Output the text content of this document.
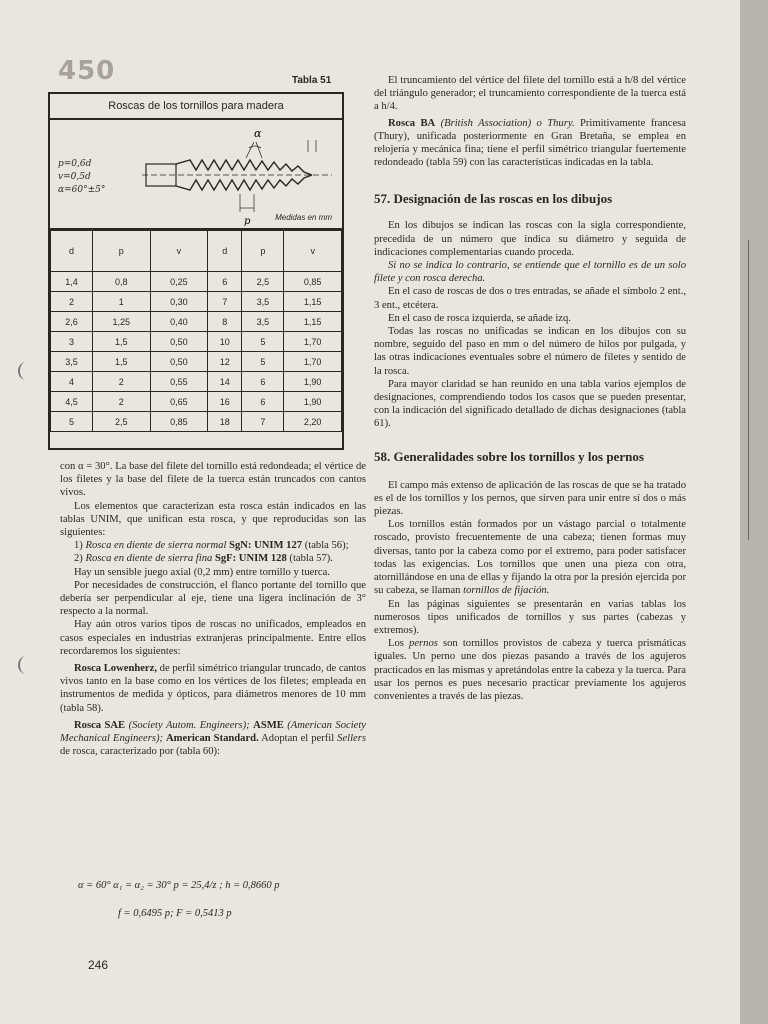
450	Tabla 51
Roscas de los tornillos para madera
p=0,6d
v=0,5d
α=60°±5°
α
p	Medidas en mm
d	p	v	d	p	v
1,4	0,8	0,25	6	2,5	0,85
2	1	0,30	7	3,5	1,15
2,6	1,25	0,40	8	3,5	1,15
3	1,5	0,50	10	5	1,70
3,5	1,5	0,50	12	5	1,70
4	2	0,55	14	6	1,90
4,5	2	0,65	16	6	1,90
5	2,5	0,85	18	7	2,20

con α = 30°. La base del filete del tornillo está redondeada; el vértice de los filetes y la base del filete de la tuerca están truncados con cantos vivos.

Los elementos que caracterizan esta rosca están indicados en las tablas UNIM, que unifican esta rosca, y que reproducidas son las siguientes:

1) Rosca en diente de sierra normal SgN: UNIM 127 (tabla 56);

2) Rosca en diente de sierra fina SgF: UNIM 128 (tabla 57).

Hay un sensible juego axial (0,2 mm) entre tornillo y tuerca.

Por necesidades de construcción, el flanco portante del tornillo que debería ser perpendicular al eje, tiene una ligera inclinación de 3° respecto a la normal.

Hay aún otros varios tipos de roscas no unificados, empleados en casos especiales en industrias extranjeras principalmente. Entre ellos recordaremos los siguientes:

Rosca Lowenherz, de perfil simétrico triangular truncado, de cantos vivos tanto en la base como en los vértices de los filetes; empleada en instrumentos de medida y ópticos, para diámetros menores de 10 mm (tabla 58).

Rosca SAE (Society Autom. Engineers); ASME (American Society Mechanical Engineers); American Standard. Adoptan el perfil Sellers de rosca, caracterizado por (tabla 60):

α = 60° α₁ = α₂ = 30° p = 25,4/z ; h = 0,8660 p
f = 0,6495 p; F = 0,5413 p

El truncamiento del vértice del filete del tornillo está a h/8 del vértice del triángulo generador; el truncamiento correspondiente de la tuerca está a h/4.

Rosca BA (British Association) o Thury. Primitivamente francesa (Thury), unificada posteriormente en Gran Bretaña, se emplea en relojería y mecánica fina; tiene el perfil simétrico triangular fuertemente redondeado (tabla 59) con las características indicadas en la tabla.

57. Designación de las roscas en los dibujos

En los dibujos se indican las roscas con la sigla correspondiente, precedida de un número que indica su diámetro y seguida de indicaciones complementarias cuando proceda.

Si no se indica lo contrario, se entiende que el tornillo es de un solo filete y con rosca derecha.

En el caso de roscas de dos o tres entradas, se añade el símbolo 2 ent., 3 ent., etcétera.

En el caso de rosca izquierda, se añade izq.

Todas las roscas no unificadas se indican en los dibujos con su nombre, seguido del paso en mm o del número de hilos por pulgada, y las otras indicaciones eventuales sobre el número de filetes y sentido de la rosca.

Para mayor claridad se han reunido en una tabla varios ejemplos de designaciones, comprendiendo todos los casos que se pueden presentar, con la indicación del significado detallado de dichas designaciones (tabla 61).

58. Generalidades sobre los tornillos y los pernos

El campo más extenso de aplicación de las roscas de que se ha tratado es el de los tornillos y los pernos, que sirven para unir entre sí dos o más piezas.

Los tornillos están formados por un vástago parcial o totalmente roscado, provisto frecuentemente de una cabeza; tienen formas muy diversas, tanto por la cabeza como por el extremo, para poder satisfacer todas las exigencias. Los tornillos que unen una pieza con otra, atornillándose en una de ellas y fijando la otra por la presión ejercida por su cabeza, se llaman tornillos de fijación.

En las páginas siguientes se presentarán en varias tablas los numerosos tipos unificados de tornillos y sus partes (cabezas y extremos).

Los pernos son tornillos provistos de cabeza y tuerca prismáticas iguales. Un perno une dos piezas pasando a través de los agujeros practicados en las mismas y apretándolas entre la cabeza y la tuerca. Para usar los pernos es pues necesario practicar previamente los agujeros convenientes a través de las piezas.

246
